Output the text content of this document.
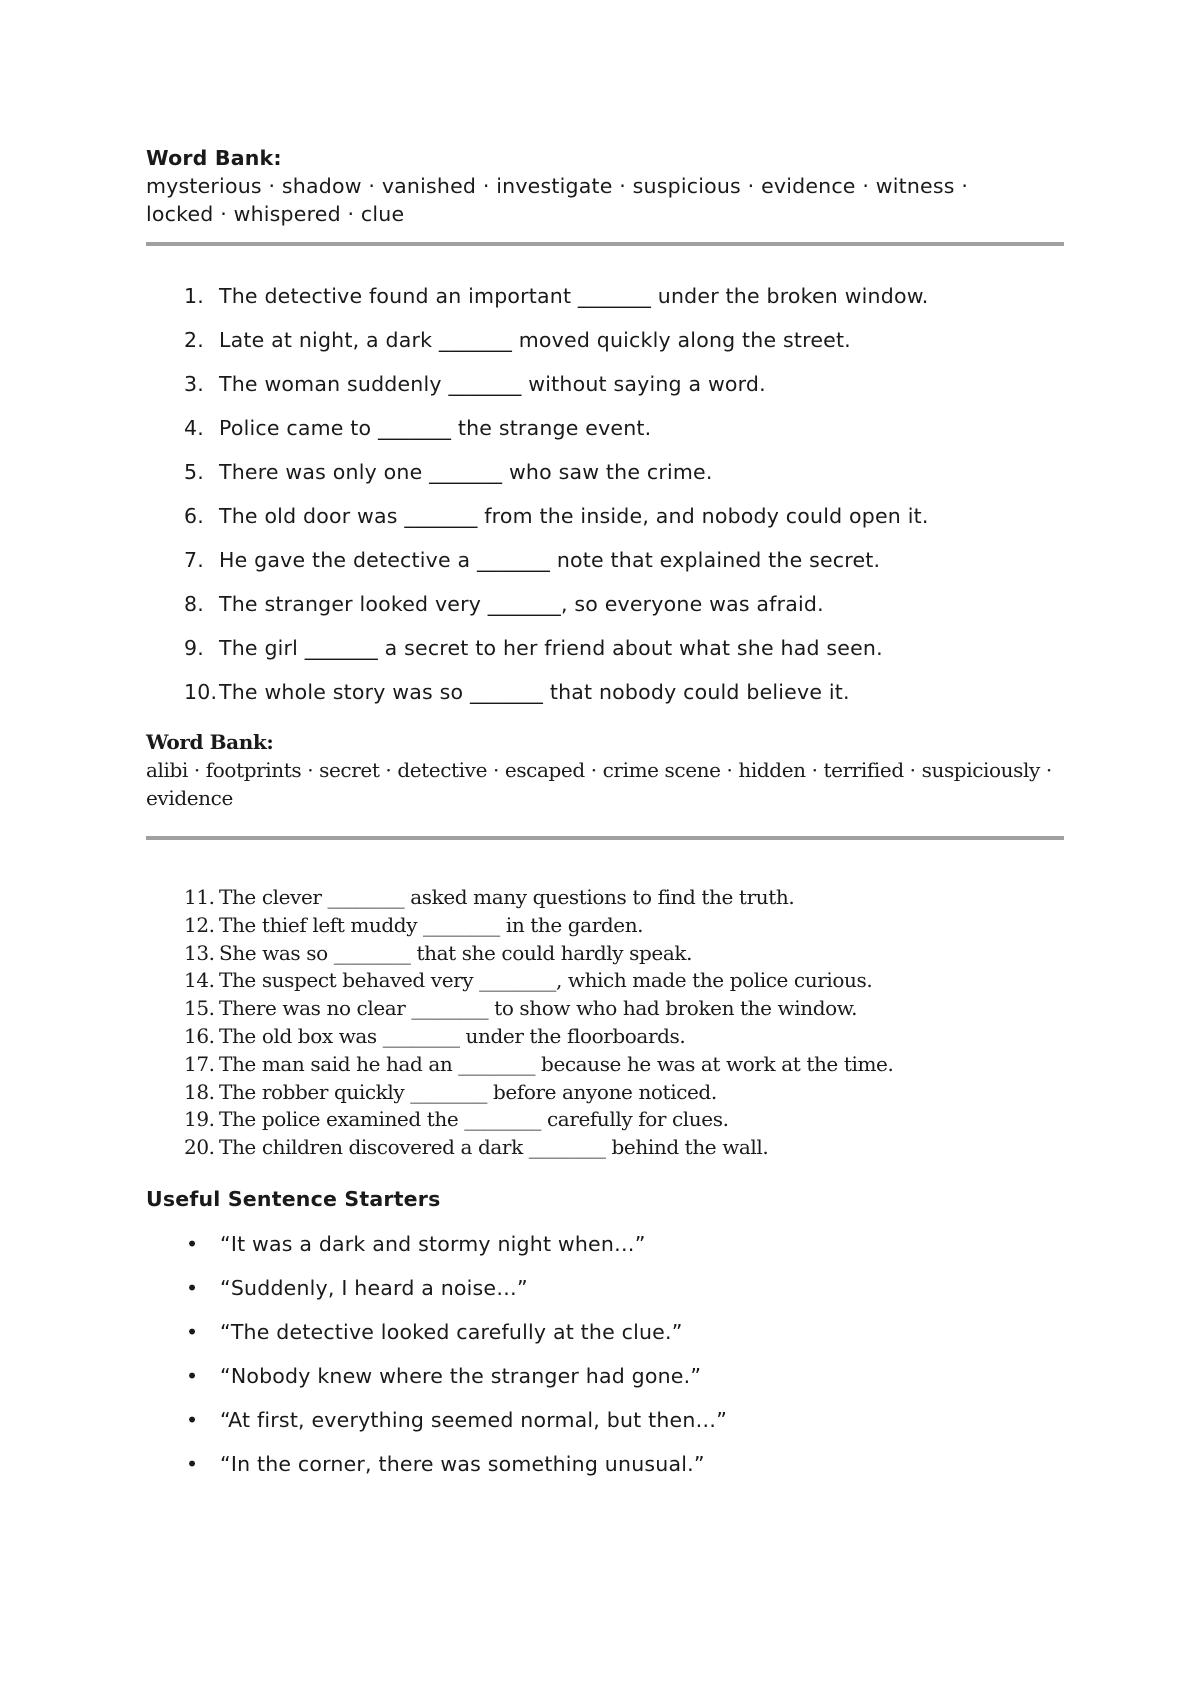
Word Bank:

mysterious · shadow · vanished · investigate · suspicious · evidence · witness ·

locked · whispered · clue

1. The detective found an important _______ under the broken window.
2. Late at night, a dark _______ moved quickly along the street.
3. The woman suddenly _______ without saying a word.
4. Police came to _______ the strange event.
5. There was only one _______ who saw the crime.
6. The old door was _______ from the inside, and nobody could open it.
7. He gave the detective a _______ note that explained the secret.
8. The stranger looked very _______, so everyone was afraid.
9. The girl _______ a secret to her friend about what she had seen.
10. The whole story was so _______ that nobody could believe it.

Word Bank:

alibi · footprints · secret · detective · escaped · crime scene · hidden · terrified · suspiciously ·

evidence

11. The clever ________ asked many questions to find the truth.
12. The thief left muddy ________ in the garden.
13. She was so ________ that she could hardly speak.
14. The suspect behaved very ________, which made the police curious.
15. There was no clear ________ to show who had broken the window.
16. The old box was ________ under the floorboards.
17. The man said he had an ________ because he was at work at the time.
18. The robber quickly ________ before anyone noticed.
19. The police examined the ________ carefully for clues.
20. The children discovered a dark ________ behind the wall.

Useful Sentence Starters

• “It was a dark and stormy night when…”
• “Suddenly, I heard a noise…”
• “The detective looked carefully at the clue.”
• “Nobody knew where the stranger had gone.”
• “At first, everything seemed normal, but then…”
• “In the corner, there was something unusual.”
